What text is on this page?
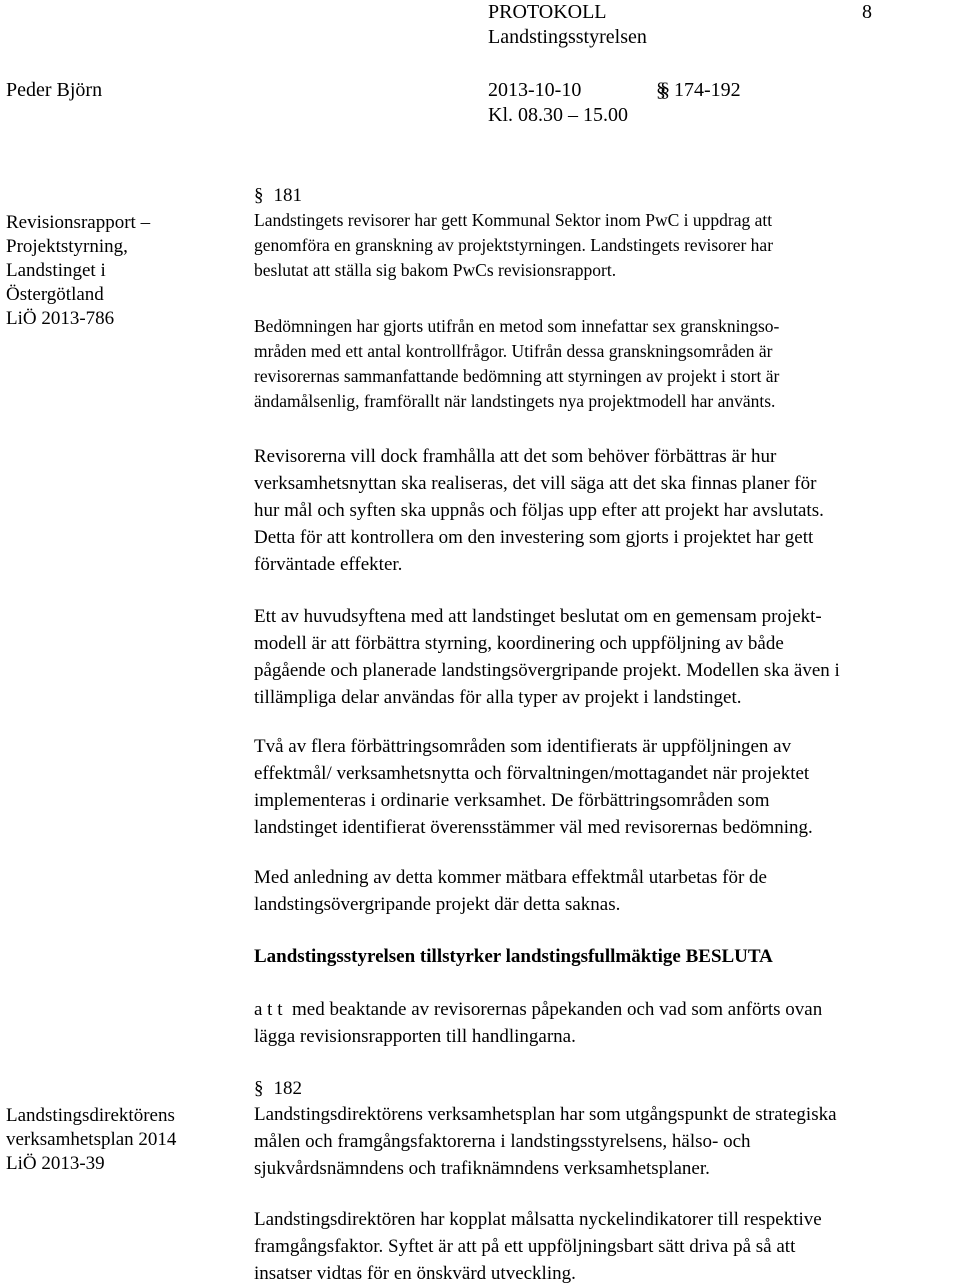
PROTOKOLL	8
Landstingsstyrelsen
Peder Björn	2013-10-10
§§	174-192
Kl. 08.30 – 15.00
§181
Revisionsrapport –
Projektstyrning,
Landstinget i
Östergötland
LiÖ 2013-786
Landstingets revisorer har gett Kommunal Sektor inom PwC i uppdrag att
genomföra en granskning av projektstyrningen. Landstingets revisorer har
beslutat att ställa sig bakom PwCs revisionsrapport.
Bedömningen har gjorts utifrån en metod som innefattar sex granskningso-
mråden med ett antal kontrollfrågor. Utifrån dessa granskningsområden är
revisorernas sammanfattande bedömning att styrningen av projekt i stort är
ändamålsenlig, framförallt när landstingets nya projektmodell har använts.
Revisorerna vill dock framhålla att det som behöver förbättras är hur
verksamhetsnyttan ska realiseras, det vill säga att det ska finnas planer för
hur mål och syften ska uppnås och följas upp efter att projekt har avslutats.
Detta för att kontrollera om den investering som gjorts i projektet har gett
förväntade effekter.
Ett av huvudsyftena med att landstinget beslutat om en gemensam projekt-
modell är att förbättra styrning, koordinering och uppföljning av både
pågående och planerade landstingsövergripande projekt. Modellen ska även i
tillämpliga delar användas för alla typer av projekt i landstinget.
Två av flera förbättringsområden som identifierats är uppföljningen av
effektmål/ verksamhetsnytta och förvaltningen/mottagandet när projektet
implementeras i ordinarie verksamhet. De förbättringsområden som
landstinget identifierat överensstämmer väl med revisorernas bedömning.
Med anledning av detta kommer mätbara effektmål utarbetas för de
landstingsövergripande projekt där detta saknas.
Landstingsstyrelsen tillstyrker landstingsfullmäktige BESLUTA
a t t  med beaktande av revisorernas påpekanden och vad som anförts ovan
lägga revisionsrapporten till handlingarna.
§182
Landstingsdirektörens
verksamhetsplan 2014
LiÖ 2013-39
Landstingsdirektörens verksamhetsplan har som utgångspunkt de strategiska
målen och framgångsfaktorerna i landstingsstyrelsens, hälso- och
sjukvårdsnämndens och trafiknämndens verksamhetsplaner.
Landstingsdirektören har kopplat målsatta nyckelindikatorer till respektive
framgångsfaktor. Syftet är att på ett uppföljningsbart sätt driva på så att
insatser vidtas för en önskvärd utveckling.
